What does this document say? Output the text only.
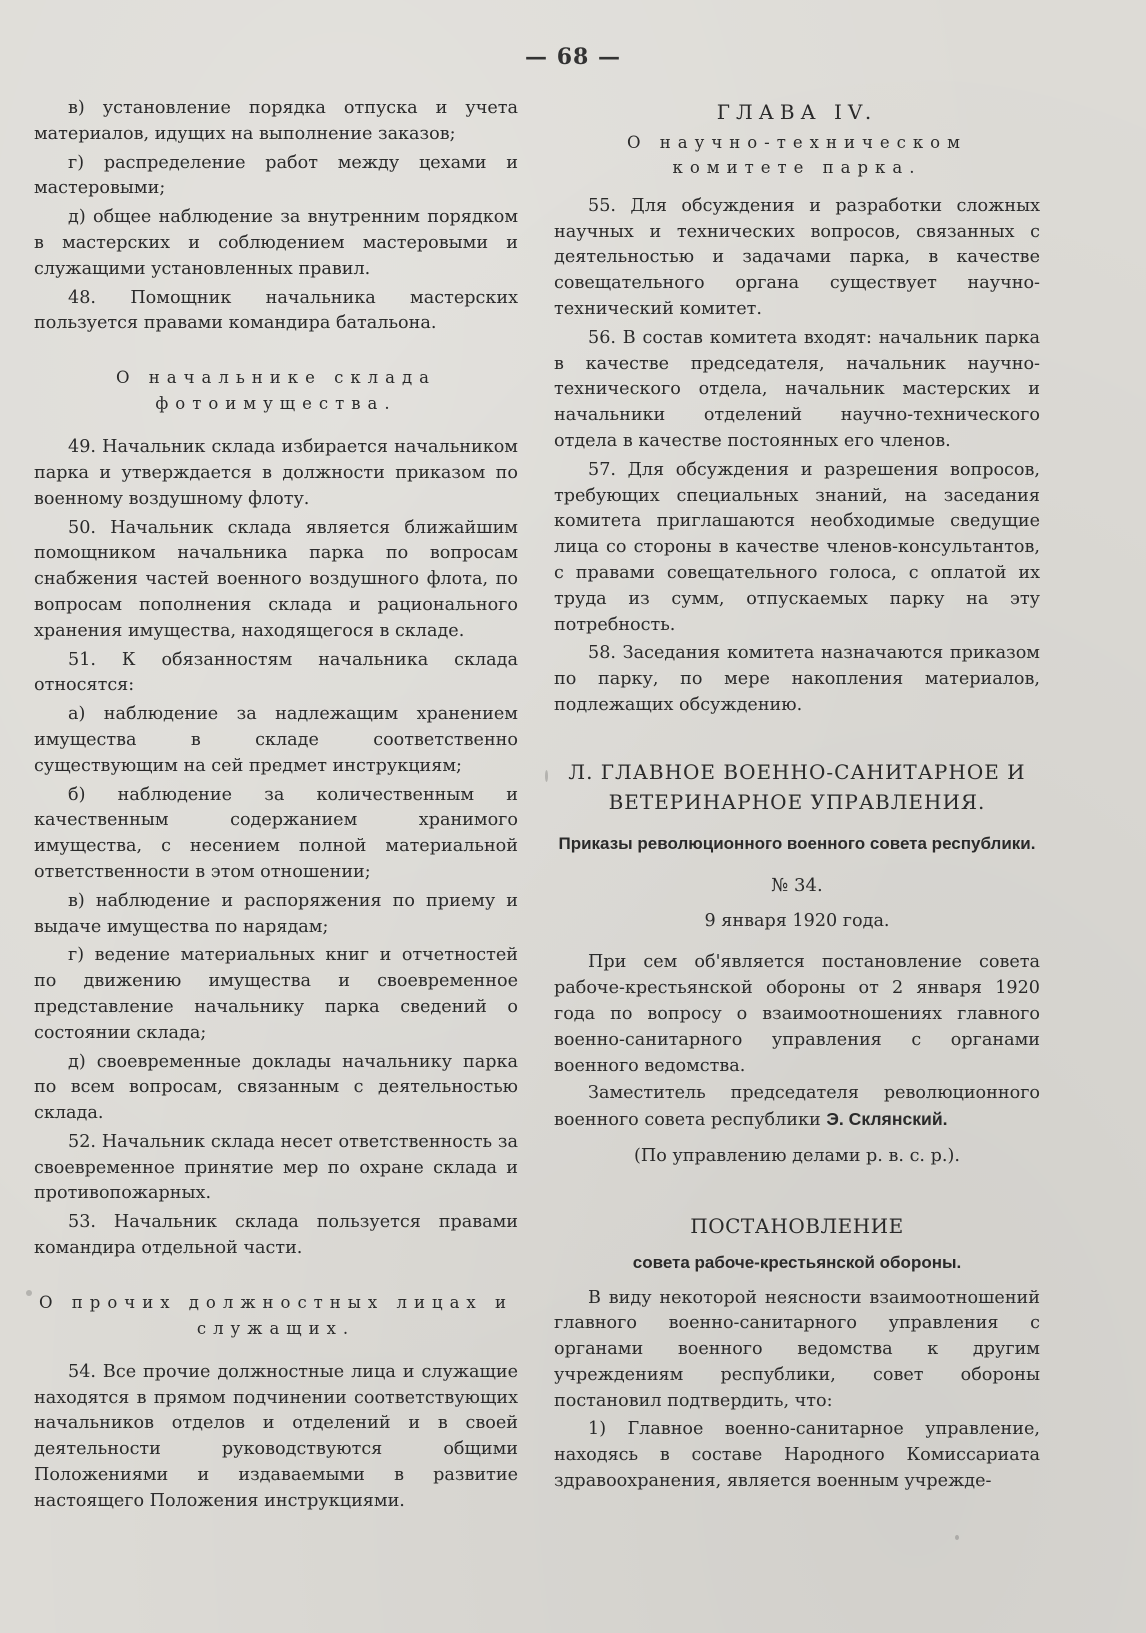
— 68 —

в) установление порядка отпуска и учета материалов, идущих на выполнение заказов;

г) распределение работ между цехами и мастеровыми;

д) общее наблюдение за внутренним порядком в мастерских и соблюдением мастеровыми и служащими установленных правил.

48. Помощник начальника мастерских пользуется правами командира батальона.

О начальнике склада фотоимущества.

49. Начальник склада избирается начальником парка и утверждается в должности приказом по военному воздушному флоту.

50. Начальник склада является ближайшим помощником начальника парка по вопросам снабжения частей военного воздушного флота, по вопросам пополнения склада и рационального хранения имущества, находящегося в складе.

51. К обязанностям начальника склада относятся:

а) наблюдение за надлежащим хранением имущества в складе соответственно существующим на сей предмет инструкциям;

б) наблюдение за количественным и качественным содержанием хранимого имущества, с несением полной материальной ответственности в этом отношении;

в) наблюдение и распоряжения по приему и выдаче имущества по нарядам;

г) ведение материальных книг и отчетностей по движению имущества и своевременное представление начальнику парка сведений о состоянии склада;

д) своевременные доклады начальнику парка по всем вопросам, связанным с деятельностью склада.

52. Начальник склада несет ответственность за своевременное принятие мер по охране склада и противопожарных.

53. Начальник склада пользуется правами командира отдельной части.

О прочих должностных лицах и служащих.

54. Все прочие должностные лица и служащие находятся в прямом подчинении соответствующих начальников отделов и отделений и в своей деятельности руководствуются общими Положениями и издаваемыми в развитие настоящего Положения инструкциями.

ГЛАВА IV.

О научно-техническом комитете парка.

55. Для обсуждения и разработки сложных научных и технических вопросов, связанных с деятельностью и задачами парка, в качестве совещательного органа существует научно-технический комитет.

56. В состав комитета входят: начальник парка в качестве председателя, начальник научно-технического отдела, начальник мастерских и начальники отделений научно-технического отдела в качестве постоянных его членов.

57. Для обсуждения и разрешения вопросов, требующих специальных знаний, на заседания комитета приглашаются необходимые сведущие лица со стороны в качестве членов-консультантов, с правами совещательного голоса, с оплатой их труда из сумм, отпускаемых парку на эту потребность.

58. Заседания комитета назначаются приказом по парку, по мере накопления материалов, подлежащих обсуждению.

Л. ГЛАВНОЕ ВОЕННО-САНИТАРНОЕ И ВЕТЕРИНАРНОЕ УПРАВЛЕНИЯ.

Приказы революционного военного совета республики.

№ 34.

9 января 1920 года.

При сем об'является постановление совета рабоче-крестьянской обороны от 2 января 1920 года по вопросу о взаимоотношениях главного военно-санитарного управления с органами военного ведомства.

Заместитель председателя революционного военного совета республики Э. Склянский.

(По управлению делами р. в. с. р.).

ПОСТАНОВЛЕНИЕ

совета рабоче-крестьянской обороны.

В виду некоторой неясности взаимоотношений главного военно-санитарного управления с органами военного ведомства к другим учреждениям республики, совет обороны постановил подтвердить, что:

1) Главное военно-санитарное управление, находясь в составе Народного Комиссариата здравоохранения, является военным учрежде-
